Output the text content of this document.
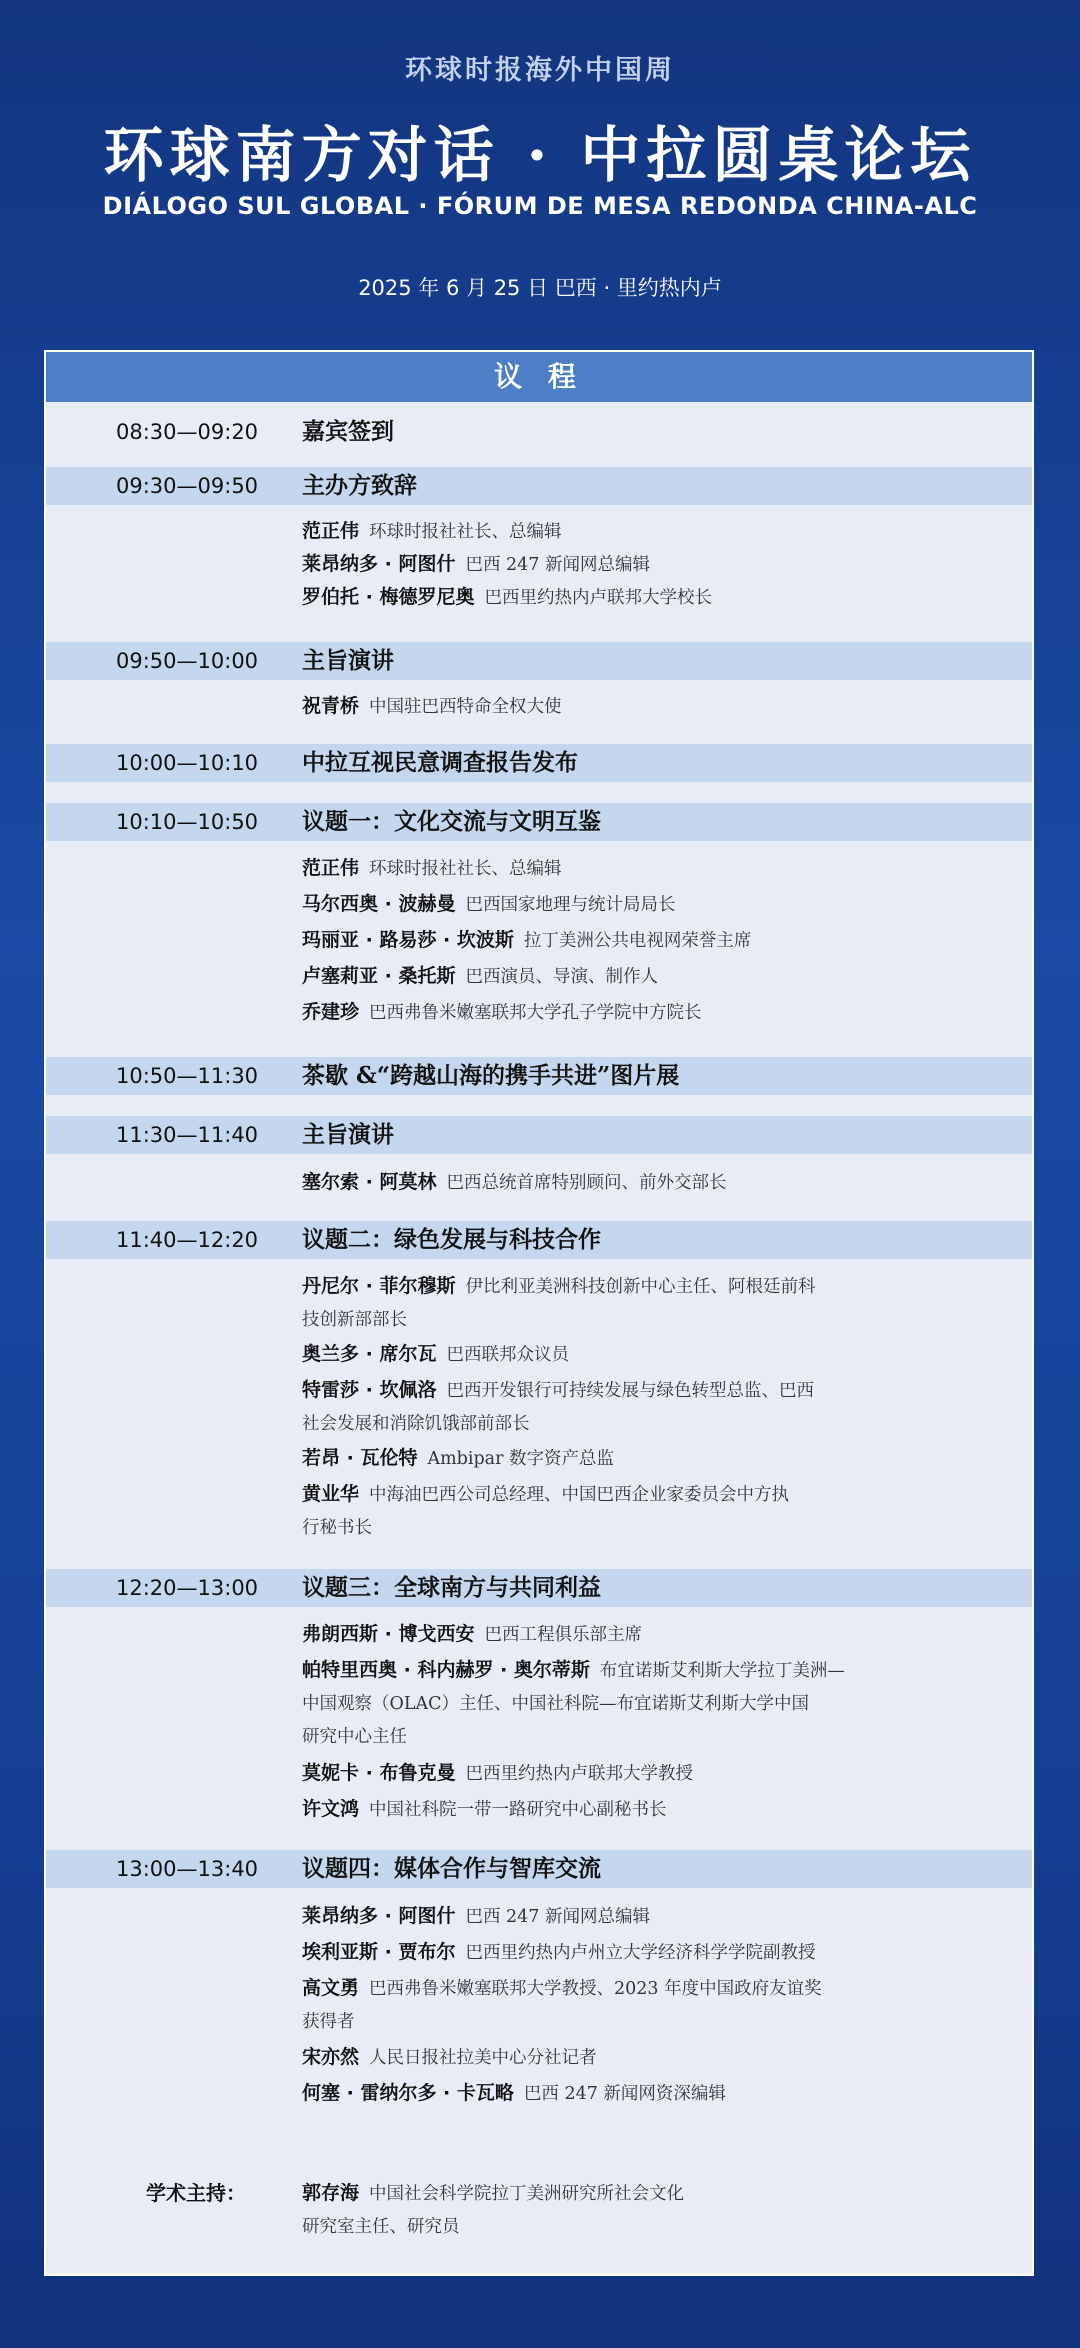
环球时报海外中国周
环球南方对话 · 中拉圆桌论坛
DIÁLOGO SUL GLOBAL · FÓRUM DE MESA REDONDA CHINA-ALC
2025 年 6 月 25 日 巴西 · 里约热内卢
议 程
08:30—09:20 嘉宾签到
09:30—09:50 主办方致辞
范正伟 环球时报社社长、总编辑
莱昂纳多 · 阿图什 巴西 247 新闻网总编辑
罗伯托 · 梅德罗尼奥 巴西里约热内卢联邦大学校长
09:50—10:00 主旨演讲
祝青桥 中国驻巴西特命全权大使
10:00—10:10 中拉互视民意调查报告发布
10:10—10:50 议题一：文化交流与文明互鉴
范正伟 环球时报社社长、总编辑
马尔西奥 · 波赫曼 巴西国家地理与统计局局长
玛丽亚 · 路易莎 · 坎波斯 拉丁美洲公共电视网荣誉主席
卢塞莉亚 · 桑托斯 巴西演员、导演、制作人
乔建珍 巴西弗鲁米嫩塞联邦大学孔子学院中方院长
10:50—11:30 茶歇 &“跨越山海的携手共进”图片展
11:30—11:40 主旨演讲
塞尔索 · 阿莫林 巴西总统首席特别顾问、前外交部长
11:40—12:20 议题二：绿色发展与科技合作
丹尼尔 · 菲尔穆斯 伊比利亚美洲科技创新中心主任、阿根廷前科
技创新部部长
奥兰多 · 席尔瓦 巴西联邦众议员
特雷莎 · 坎佩洛 巴西开发银行可持续发展与绿色转型总监、巴西
社会发展和消除饥饿部前部长
若昂 · 瓦伦特 Ambipar 数字资产总监
黄业华 中海油巴西公司总经理、中国巴西企业家委员会中方执
行秘书长
12:20—13:00 议题三：全球南方与共同利益
弗朗西斯 · 博戈西安 巴西工程俱乐部主席
帕特里西奥 · 科内赫罗 · 奥尔蒂斯 布宜诺斯艾利斯大学拉丁美洲—
中国观察（OLAC）主任、中国社科院—布宜诺斯艾利斯大学中国
研究中心主任
莫妮卡 · 布鲁克曼 巴西里约热内卢联邦大学教授
许文鸿 中国社科院一带一路研究中心副秘书长
13:00—13:40 议题四：媒体合作与智库交流
莱昂纳多 · 阿图什 巴西 247 新闻网总编辑
埃利亚斯 · 贾布尔 巴西里约热内卢州立大学经济科学学院副教授
高文勇 巴西弗鲁米嫩塞联邦大学教授、2023 年度中国政府友谊奖
获得者
宋亦然 人民日报社拉美中心分社记者
何塞 · 雷纳尔多 · 卡瓦略 巴西 247 新闻网资深编辑
学术主持：	郭存海 中国社会科学院拉丁美洲研究所社会文化
研究室主任、研究员
